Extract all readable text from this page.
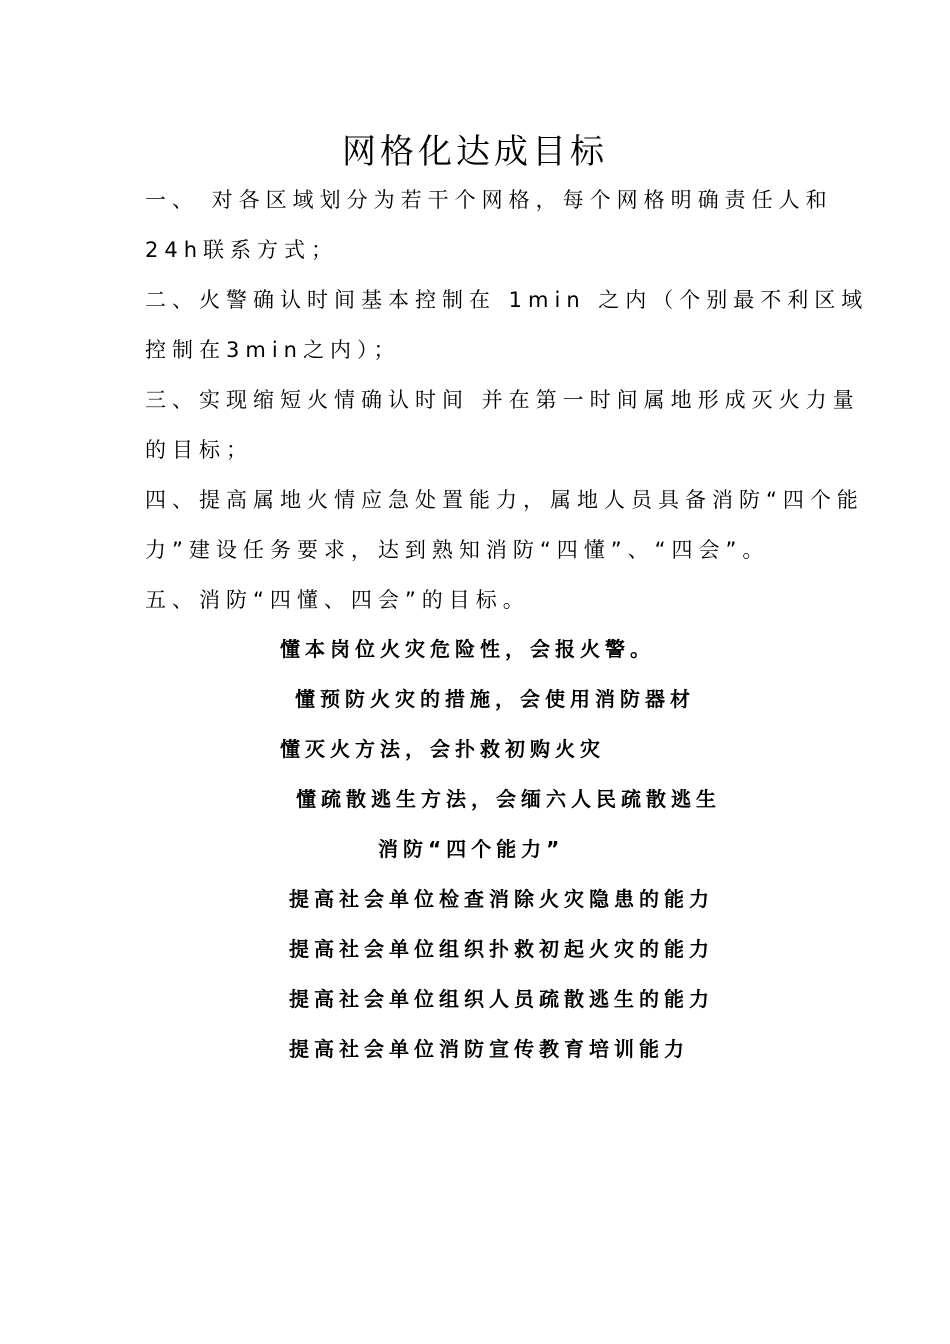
网格化达成目标
一、 对各区域划分为若干个网格，每个网格明确责任人和
24h联系方式；
二、火警确认时间基本控制在 1min 之内（个别最不利区域
控制在3min之内）；
三、实现缩短火情确认时间 并在第一时间属地形成灭火力量
的目标；
四、提高属地火情应急处置能力，属地人员具备消防“四个能
力”建设任务要求，达到熟知消防“四懂”、“四会”。
五、消防“四懂、四会”的目标。
懂本岗位火灾危险性，会报火警。
懂预防火灾的措施，会使用消防器材
懂灭火方法，会扑救初购火灾
懂疏散逃生方法，会缅六人民疏散逃生
消防“四个能力”
提高社会单位检查消除火灾隐患的能力
提高社会单位组织扑救初起火灾的能力
提高社会单位组织人员疏散逃生的能力
提高社会单位消防宣传教育培训能力
